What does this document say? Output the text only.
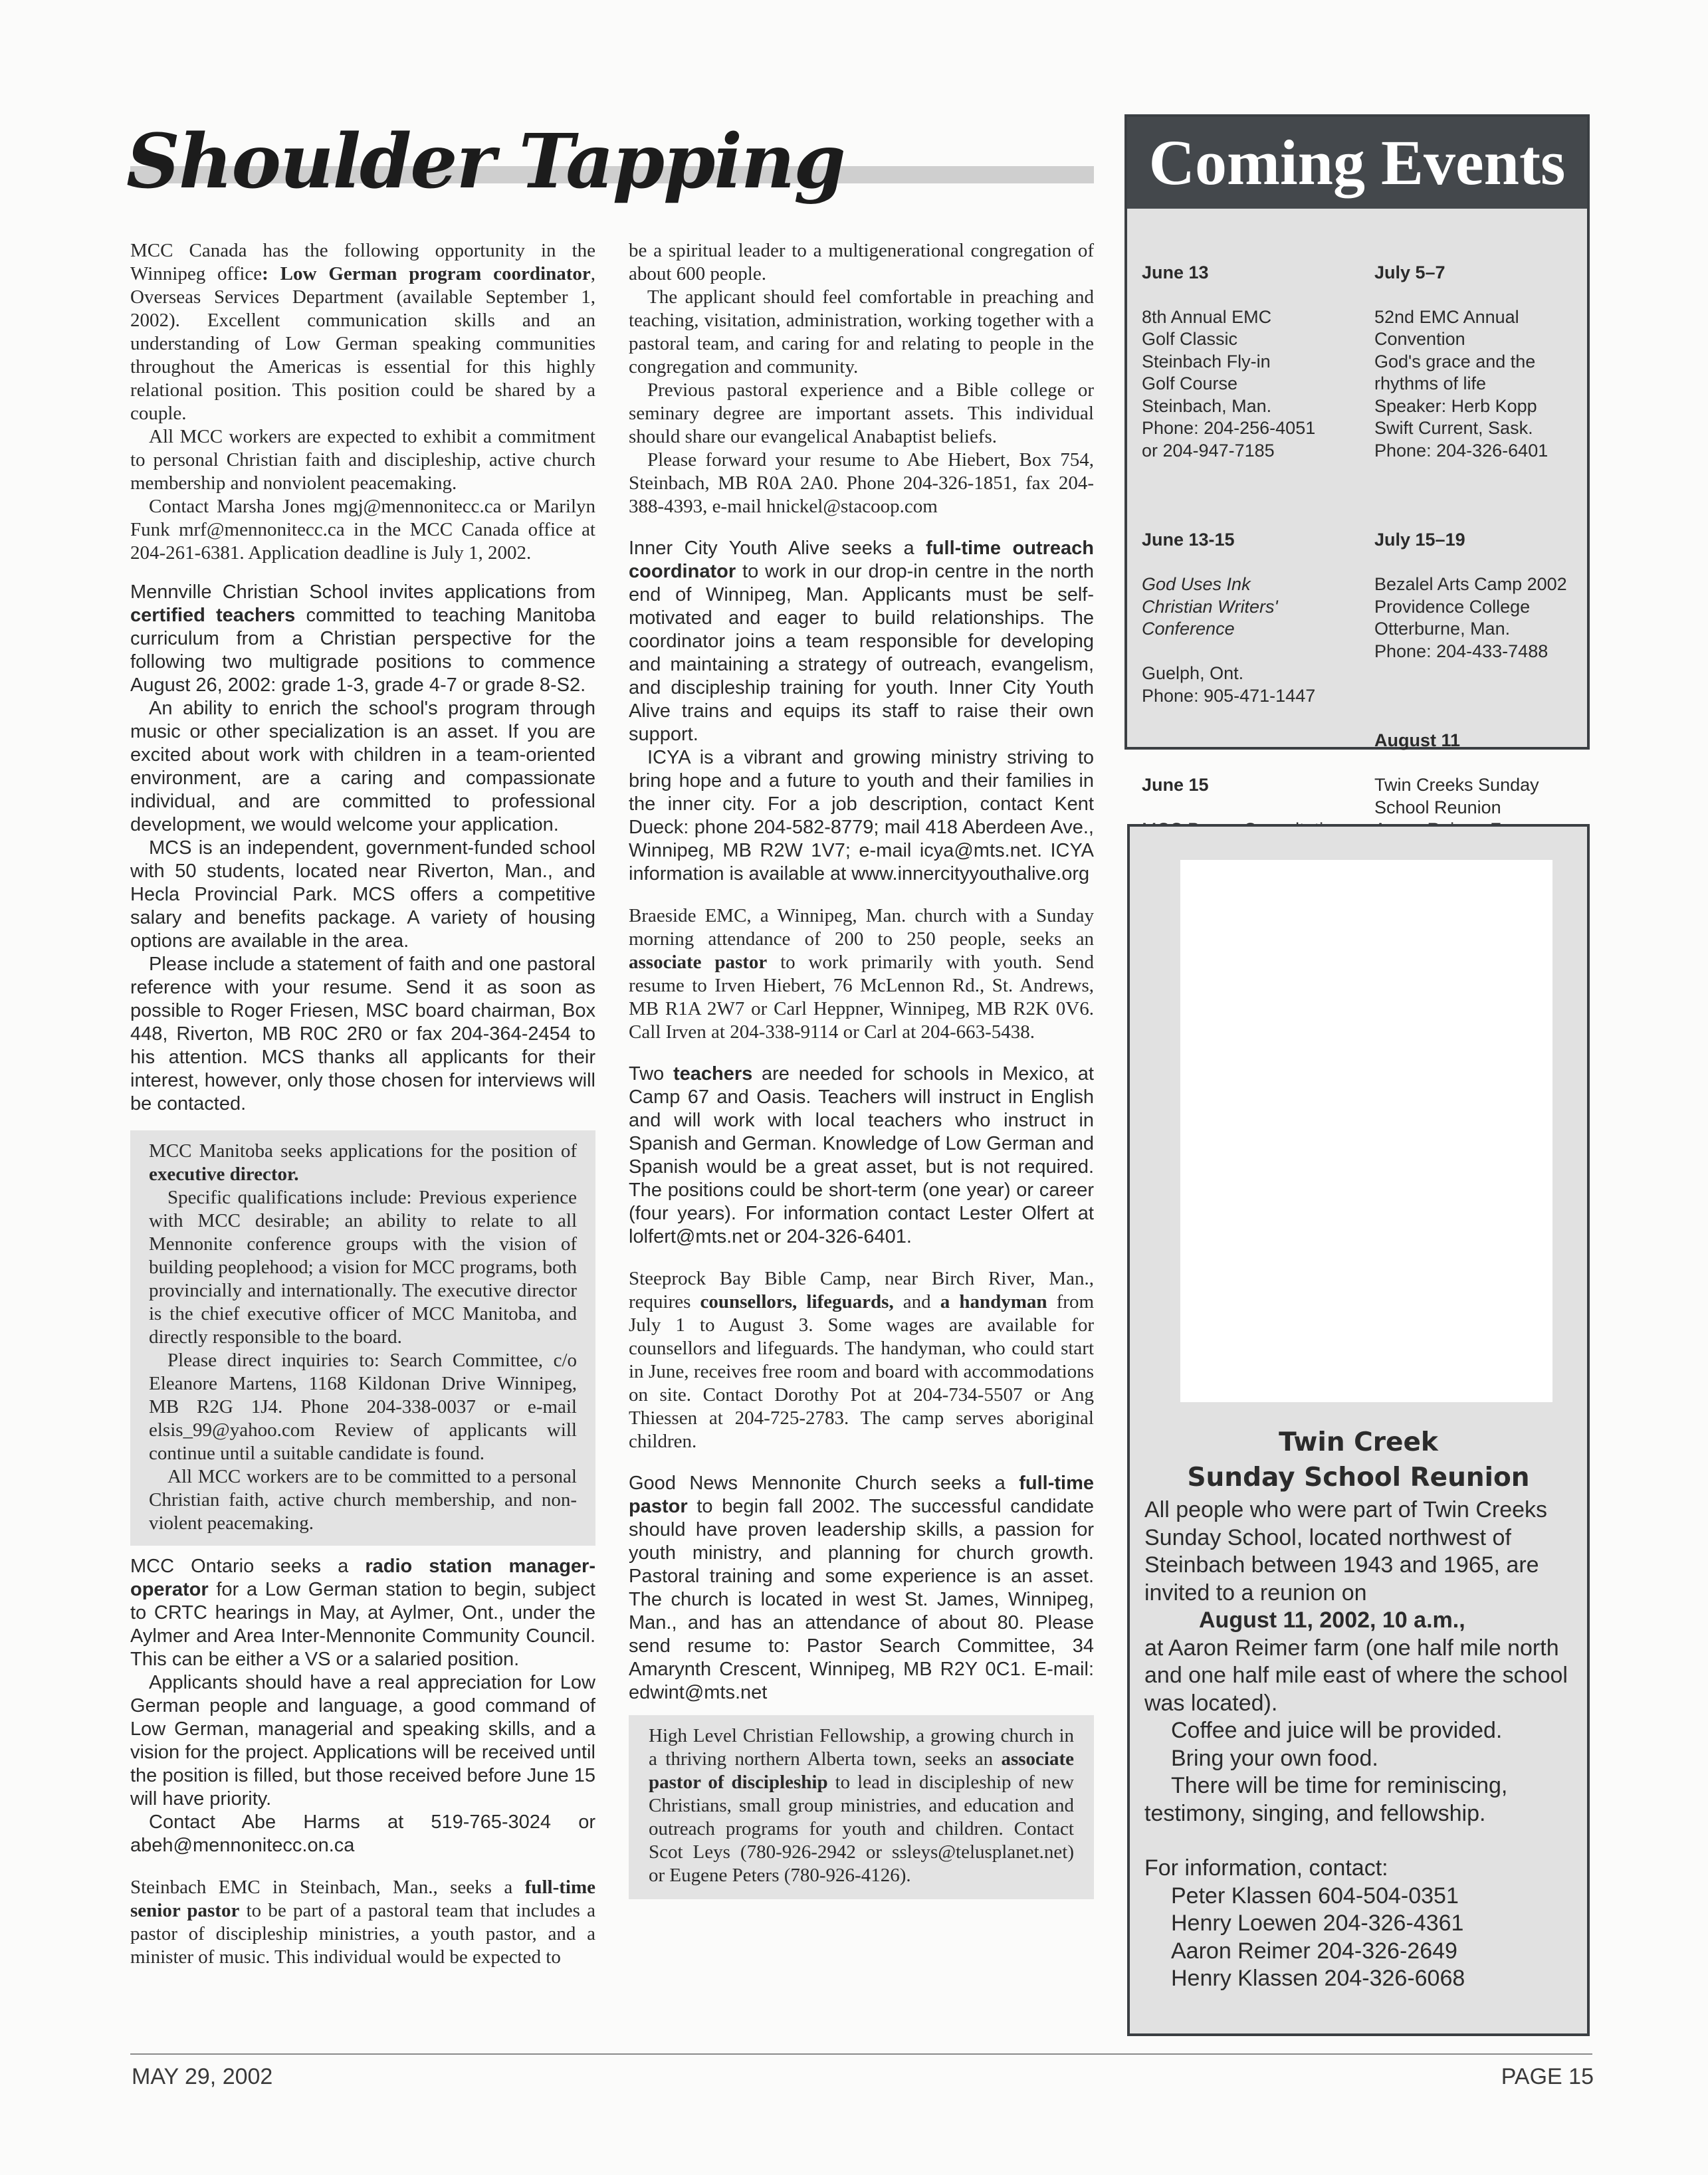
Shoulder Tapping

MCC Canada has the following opportunity in the Winnipeg office: Low German program coordinator, Overseas Services Department (available September 1, 2002). Excellent communication skills and an understanding of Low German speaking communities throughout the Americas is essential for this highly relational position. This position could be shared by a couple.

All MCC workers are expected to exhibit a commitment to personal Christian faith and discipleship, active church membership and nonviolent peacemaking.

Contact Marsha Jones mgj@mennonitecc.ca or Marilyn Funk mrf@mennonitecc.ca in the MCC Canada office at 204-261-6381. Application deadline is July 1, 2002.

Mennville Christian School invites applications from certified teachers committed to teaching Manitoba curriculum from a Christian perspective for the following two multigrade positions to commence August 26, 2002: grade 1-3, grade 4-7 or grade 8-S2.

An ability to enrich the school's program through music or other specialization is an asset. If you are excited about work with children in a team-oriented environment, are a caring and compassionate individual, and are committed to professional development, we would welcome your application.

MCS is an independent, government-funded school with 50 students, located near Riverton, Man., and Hecla Provincial Park. MCS offers a competitive salary and benefits package. A variety of housing options are available in the area.

Please include a statement of faith and one pastoral reference with your resume. Send it as soon as possible to Roger Friesen, MSC board chairman, Box 448, Riverton, MB R0C 2R0 or fax 204-364-2454 to his attention. MCS thanks all applicants for their interest, however, only those chosen for interviews will be contacted.

MCC Manitoba seeks applications for the position of executive director.

Specific qualifications include: Previous experience with MCC desirable; an ability to relate to all Mennonite conference groups with the vision of building peoplehood; a vision for MCC programs, both provincially and internationally. The executive director is the chief executive officer of MCC Manitoba, and directly responsible to the board.

Please direct inquiries to: Search Committee, c/o Eleanore Martens, 1168 Kildonan Drive Winnipeg, MB R2G 1J4. Phone 204-338-0037 or e-mail elsis_99@yahoo.com Review of applicants will continue until a suitable candidate is found.

All MCC workers are to be committed to a personal Christian faith, active church membership, and non-violent peacemaking.

MCC Ontario seeks a radio station manager-operator for a Low German station to begin, subject to CRTC hearings in May, at Aylmer, Ont., under the Aylmer and Area Inter-Mennonite Community Council. This can be either a VS or a salaried position.

Applicants should have a real appreciation for Low German people and language, a good command of Low German, managerial and speaking skills, and a vision for the project. Applications will be received until the position is filled, but those received before June 15 will have priority.

Contact Abe Harms at 519-765-3024 or abeh@mennonitecc.on.ca

Steinbach EMC in Steinbach, Man., seeks a full-time senior pastor to be part of a pastoral team that includes a pastor of discipleship ministries, a youth pastor, and a minister of music. This individual would be expected to

be a spiritual leader to a multigenerational congregation of about 600 people.

The applicant should feel comfortable in preaching and teaching, visitation, administration, working together with a pastoral team, and caring for and relating to people in the congregation and community.

Previous pastoral experience and a Bible college or seminary degree are important assets. This individual should share our evangelical Anabaptist beliefs.

Please forward your resume to Abe Hiebert, Box 754, Steinbach, MB R0A 2A0. Phone 204-326-1851, fax 204-388-4393, e-mail hnickel@stacoop.com

Inner City Youth Alive seeks a full-time outreach coordinator to work in our drop-in centre in the north end of Winnipeg, Man. Applicants must be self-motivated and eager to build relationships. The coordinator joins a team responsible for developing and maintaining a strategy of outreach, evangelism, and discipleship training for youth. Inner City Youth Alive trains and equips its staff to raise their own support.

ICYA is a vibrant and growing ministry striving to bring hope and a future to youth and their families in the inner city. For a job description, contact Kent Dueck: phone 204-582-8779; mail 418 Aberdeen Ave., Winnipeg, MB R2W 1V7; e-mail icya@mts.net. ICYA information is available at www.innercityyouthalive.org

Braeside EMC, a Winnipeg, Man. church with a Sunday morning attendance of 200 to 250 people, seeks an associate pastor to work primarily with youth. Send resume to Irven Hiebert, 76 McLennon Rd., St. Andrews, MB R1A 2W7 or Carl Heppner, Winnipeg, MB R2K 0V6. Call Irven at 204-338-9114 or Carl at 204-663-5438.

Two teachers are needed for schools in Mexico, at Camp 67 and Oasis. Teachers will instruct in English and will work with local teachers who instruct in Spanish and German. Knowledge of Low German and Spanish would be a great asset, but is not required. The positions could be short-term (one year) or career (four years). For information contact Lester Olfert at lolfert@mts.net or 204-326-6401.

Steeprock Bay Bible Camp, near Birch River, Man., requires counsellors, lifeguards, and a handyman from July 1 to August 3. Some wages are available for counsellors and lifeguards. The handyman, who could start in June, receives free room and board with accommodations on site. Contact Dorothy Pot at 204-734-5507 or Ang Thiessen at 204-725-2783. The camp serves aboriginal children.

Good News Mennonite Church seeks a full-time pastor to begin fall 2002. The successful candidate should have proven leadership skills, a passion for youth ministry, and planning for church growth. Pastoral training and some experience is an asset. The church is located in west St. James, Winnipeg, Man., and has an attendance of about 80. Please send resume to: Pastor Search Committee, 34 Amarynth Crescent, Winnipeg, MB R2Y 0C1. E-mail: edwint@mts.net

High Level Christian Fellowship, a growing church in a thriving northern Alberta town, seeks an associate pastor of discipleship to lead in discipleship of new Christians, small group ministries, and education and outreach programs for youth and children. Contact Scot Leys (780-926-2942 or ssleys@telusplanet.net) or Eugene Peters (780-926-4126).

Coming Events

June 13

8th Annual EMC
Golf Classic
Steinbach Fly-in
Golf Course
Steinbach, Man.
Phone: 204-256-4051
or 204-947-7185

June 13-15

God Uses Ink
Christian Writers'
Conference

Guelph, Ont.
Phone: 905-471-1447

June 15

July 5–7

52nd EMC Annual
Convention
God's grace and the
rhythms of life
Speaker: Herb Kopp
Swift Current, Sask.
Phone: 204-326-6401

July 15–19

Bezalel Arts Camp 2002
Providence College
Otterburne, Man.
Phone: 204-433-7488

August 11

Twin Creeks Sunday
School Reunion

Twin Creek
Sunday School Reunion

All people who were part of Twin Creeks Sunday School, located northwest of Steinbach between 1943 and 1965, are invited to a reunion on

August 11, 2002, 10 a.m.,

at Aaron Reimer farm (one half mile north and one half mile east of where the school was located).

Coffee and juice will be provided.

Bring your own food.

There will be time for reminiscing, testimony, singing, and fellowship.

For information, contact:

Peter Klassen 604-504-0351

Henry Loewen 204-326-4361

Aaron Reimer 204-326-2649

Henry Klassen 204-326-6068

MAY 29, 2002	PAGE 15
